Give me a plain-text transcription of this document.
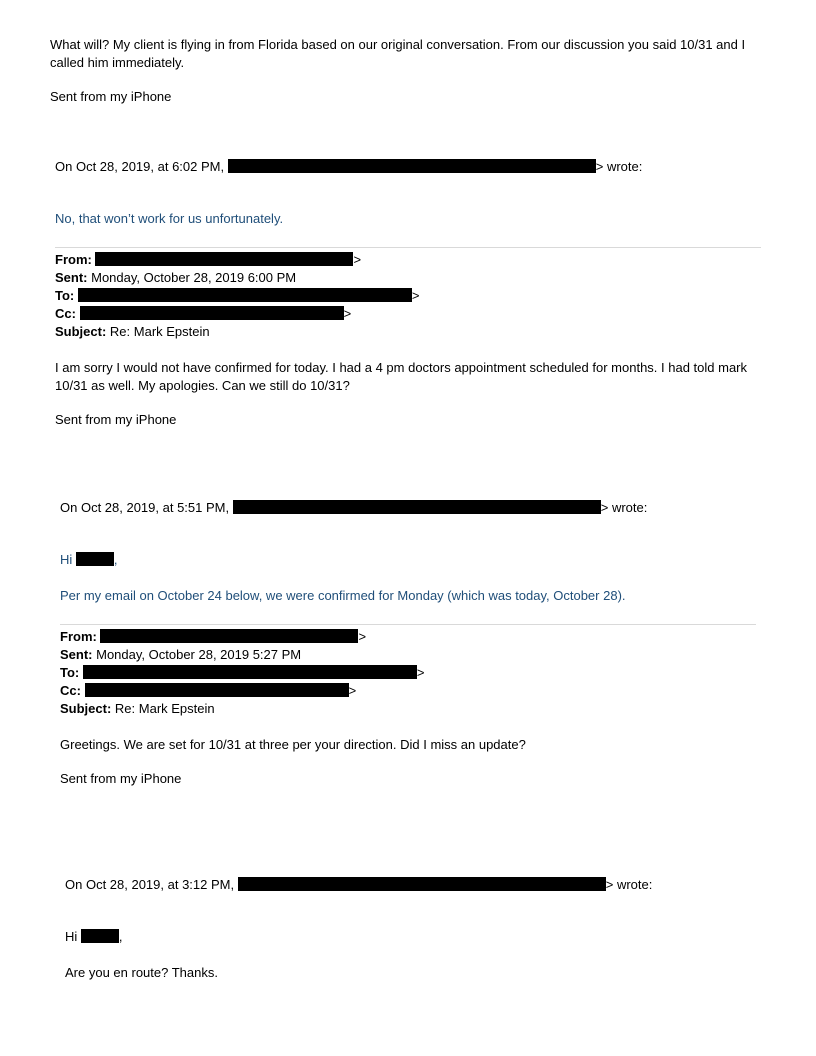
What will? My client is flying in from Florida based on our original conversation. From our discussion you said 10/31 and I called him immediately.

Sent from my iPhone

On Oct 28, 2019, at 6:02 PM,	> wrote:

No, that won’t work for us unfortunately.

From:	>
Sent: Monday, October 28, 2019 6:00 PM
To:	>
Cc:	>
Subject: Re: Mark Epstein

I am sorry I would not have confirmed for today. I had a 4 pm doctors appointment scheduled for months. I had told mark 10/31 as well. My apologies. Can we still do 10/31?

Sent from my iPhone

On Oct 28, 2019, at 5:51 PM,	> wrote:
Hi	,

Per my email on October 24 below, we were confirmed for Monday (which was today, October 28).

From:	>
Sent: Monday, October 28, 2019 5:27 PM
To:	>
Cc:	>
Subject: Re: Mark Epstein

Greetings. We are set for 10/31 at three per your direction. Did I miss an update?

Sent from my iPhone

On Oct 28, 2019, at 3:12 PM,	> wrote:
Hi	,

Are you en route? Thanks.
